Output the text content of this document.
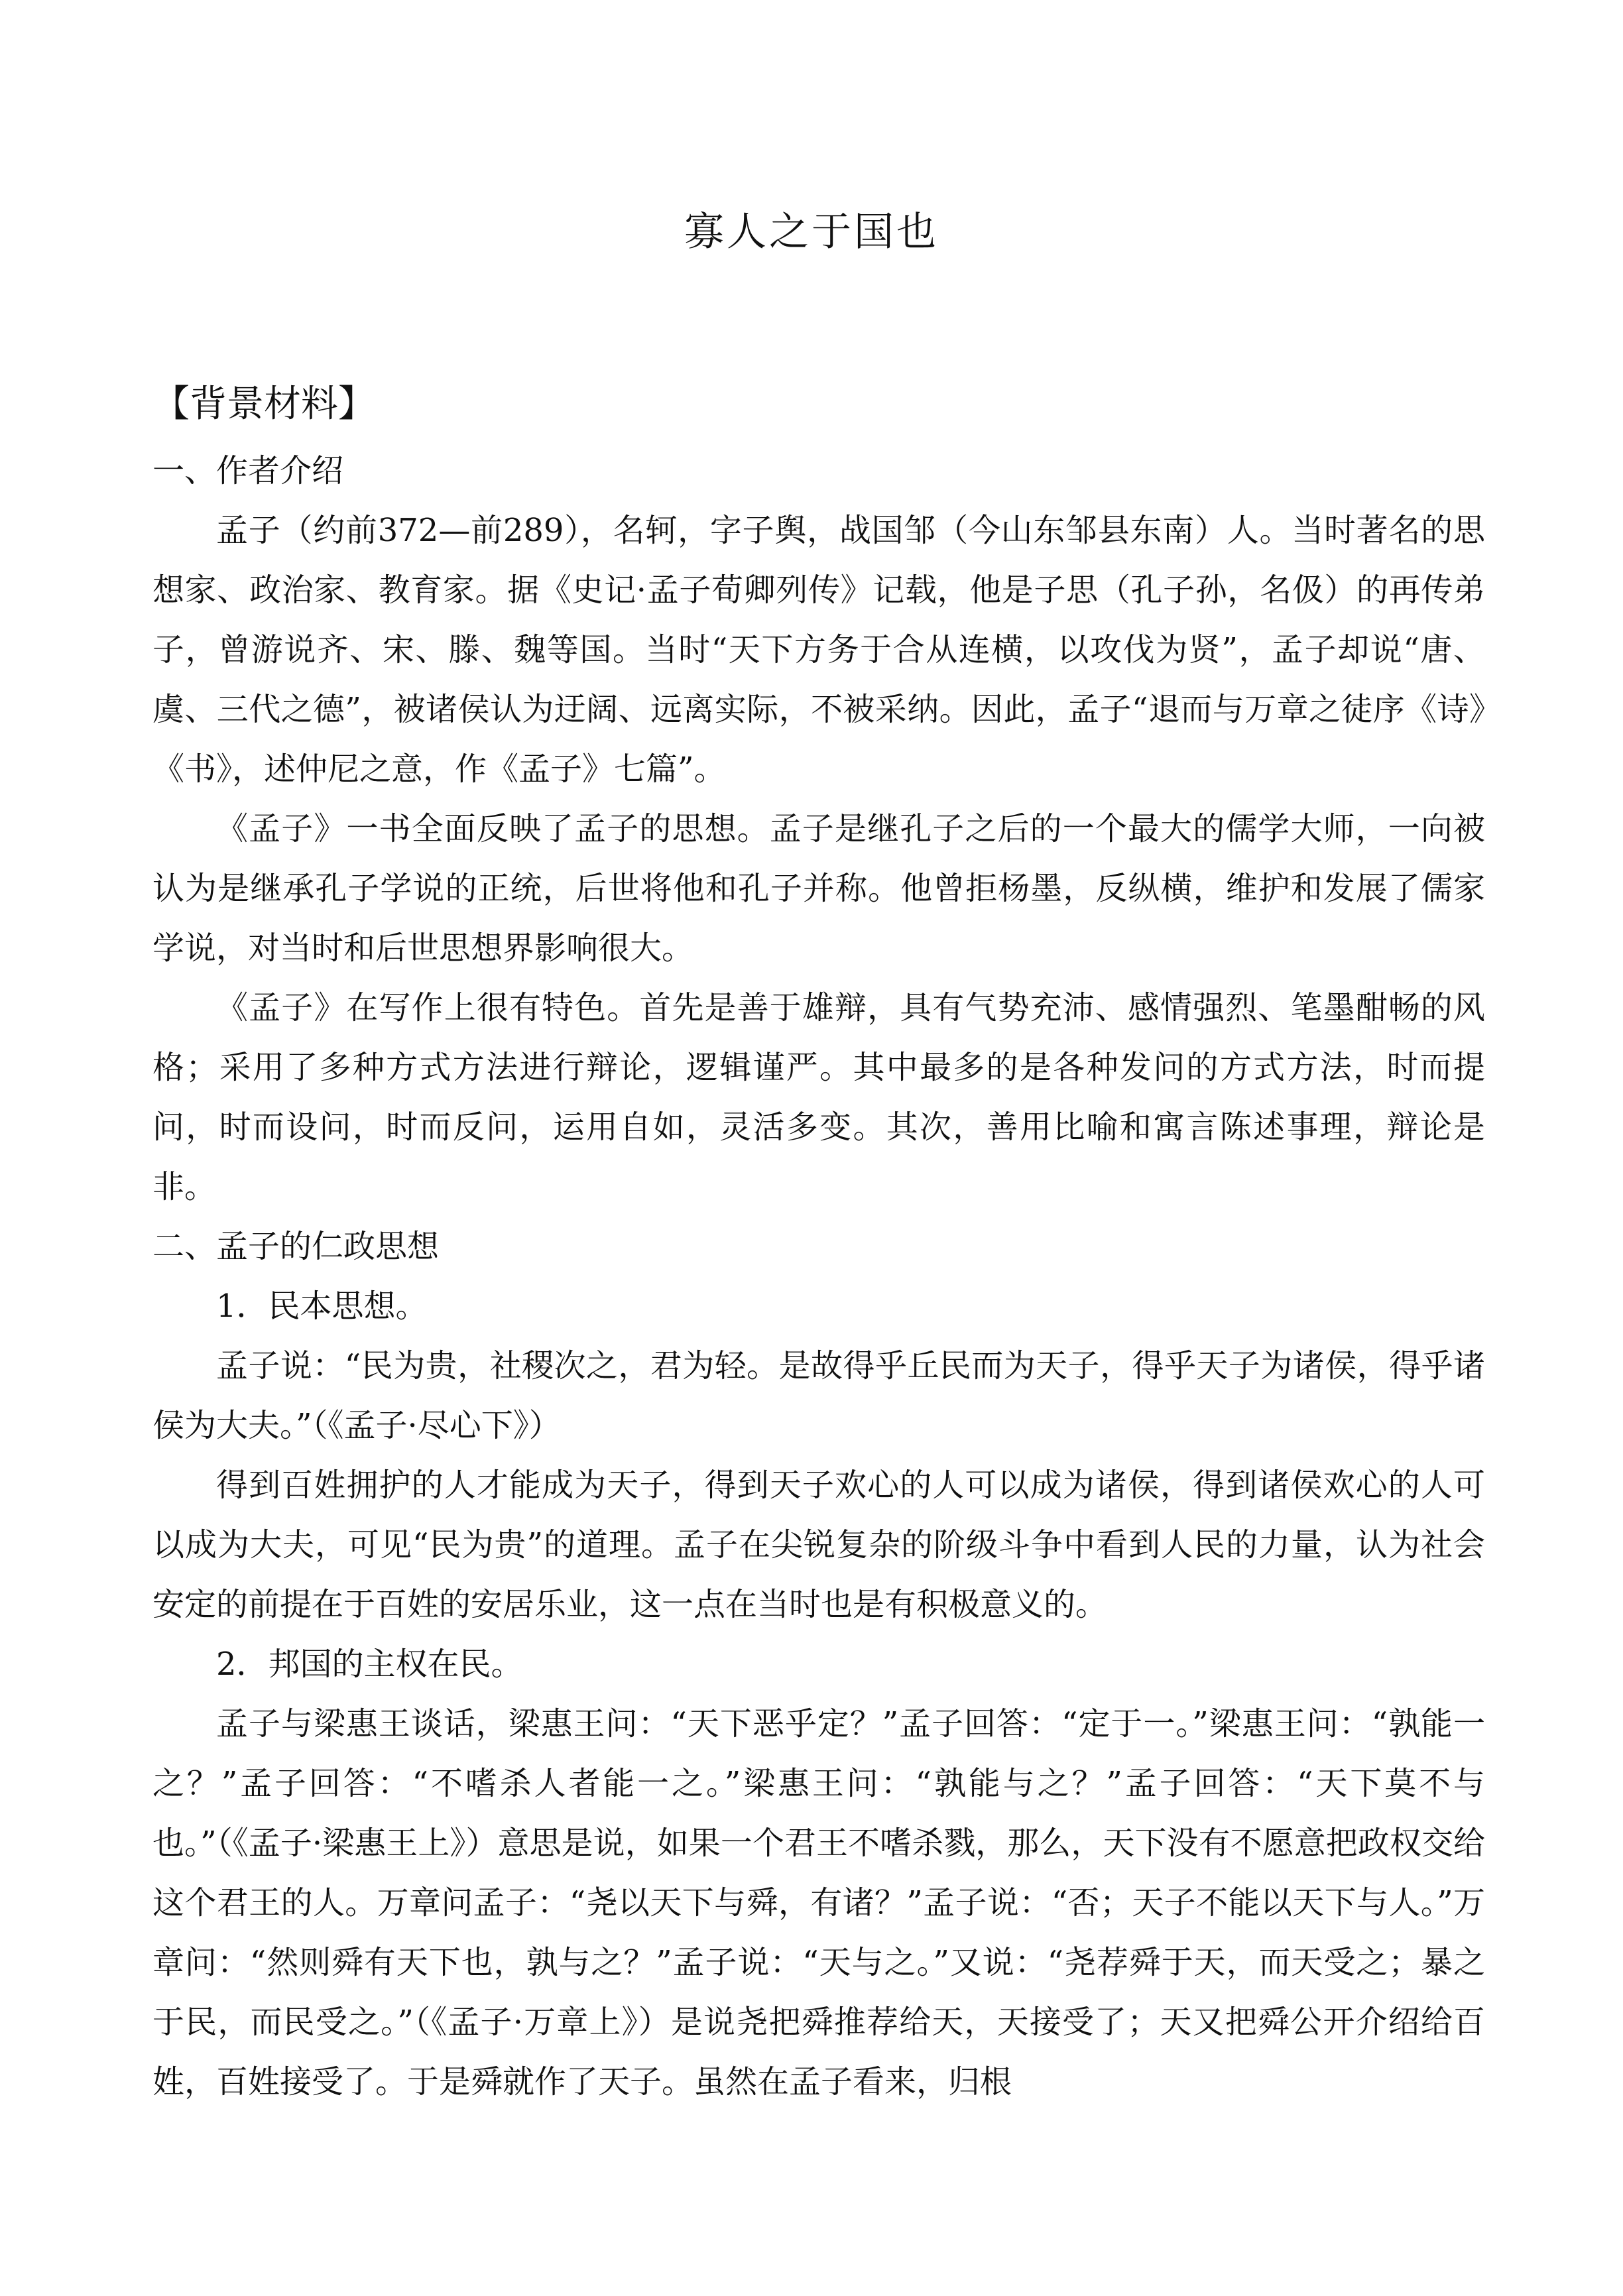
寡人之于国也
【背景材料】
一、作者介绍

孟子（约前372—前289），名轲，字子舆，战国邹（今山东邹县东南）人。当时著名的思想家、政治家、教育家。据《史记·孟子荀卿列传》记载，他是子思（孔子孙，名伋）的再传弟子，曾游说齐、宋、滕、魏等国。当时“天下方务于合从连横，以攻伐为贤”，孟子却说“唐、虞、三代之德”，被诸侯认为迂阔、远离实际，不被采纳。因此，孟子“退而与万章之徒序《诗》《书》，述仲尼之意，作《孟子》七篇”。

《孟子》一书全面反映了孟子的思想。孟子是继孔子之后的一个最大的儒学大师，一向被认为是继承孔子学说的正统，后世将他和孔子并称。他曾拒杨墨，反纵横，维护和发展了儒家学说，对当时和后世思想界影响很大。

《孟子》在写作上很有特色。首先是善于雄辩，具有气势充沛、感情强烈、笔墨酣畅的风格；采用了多种方式方法进行辩论，逻辑谨严。其中最多的是各种发问的方式方法，时而提问，时而设问，时而反问，运用自如，灵活多变。其次，善用比喻和寓言陈述事理，辩论是非。

二、孟子的仁政思想
1．民本思想。

孟子说：“民为贵，社稷次之，君为轻。是故得乎丘民而为天子，得乎天子为诸侯，得乎诸侯为大夫。”（《孟子·尽心下》）

得到百姓拥护的人才能成为天子，得到天子欢心的人可以成为诸侯，得到诸侯欢心的人可以成为大夫，可见“民为贵”的道理。孟子在尖锐复杂的阶级斗争中看到人民的力量，认为社会安定的前提在于百姓的安居乐业，这一点在当时也是有积极意义的。

2．邦国的主权在民。

孟子与梁惠王谈话，梁惠王问：“天下恶乎定？”孟子回答：“定于一。”梁惠王问：“孰能一之？”孟子回答：“不嗜杀人者能一之。”梁惠王问：“孰能与之？”孟子回答：“天下莫不与也。”（《孟子·梁惠王上》）意思是说，如果一个君王不嗜杀戮，那么，天下没有不愿意把政权交给这个君王的人。万章问孟子：“尧以天下与舜，有诸？”孟子说：“否；天子不能以天下与人。”万章问：“然则舜有天下也，孰与之？”孟子说：“天与之。”又说：“尧荐舜于天，而天受之；暴之于民，而民受之。”（《孟子·万章上》）是说尧把舜推荐给天，天接受了；天又把舜公开介绍给百姓，百姓接受了。于是舜就作了天子。虽然在孟子看来，归根
